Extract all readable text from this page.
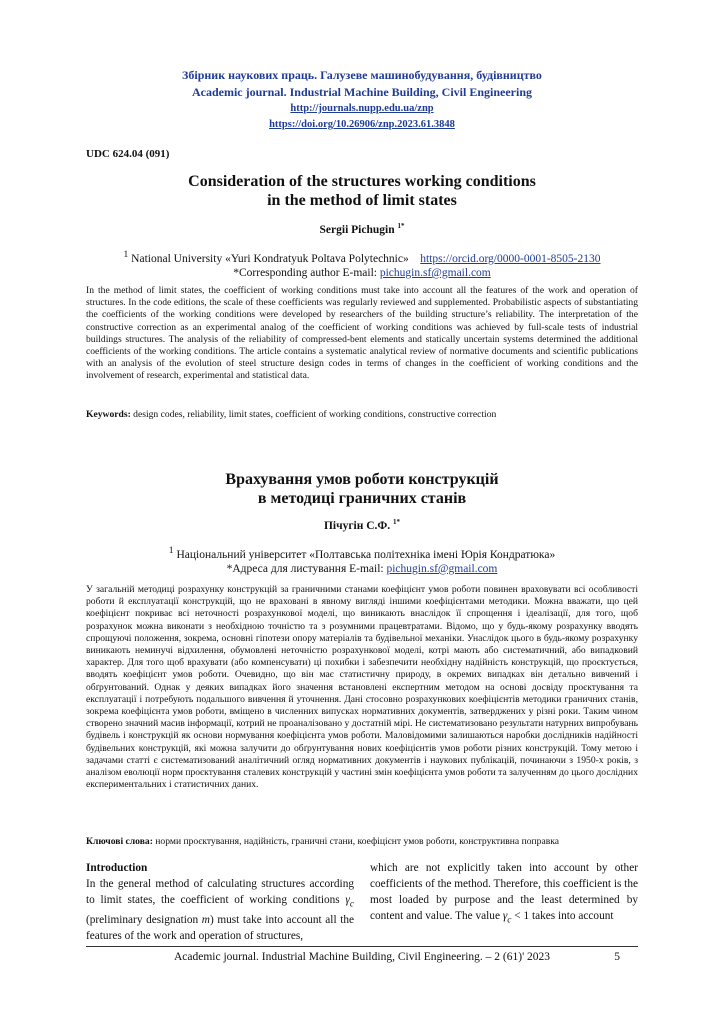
Збірник наукових праць. Галузеве машинобудування, будівництво
Academic journal. Industrial Machine Building, Civil Engineering
http://journals.nupp.edu.ua/znp
https://doi.org/10.26906/znp.2023.61.3848
UDC 624.04 (091)
Consideration of the structures working conditions
in the method of limit states
Sergii Pichugin $^{1*}$
$^1$ National University «Yuri Kondratyuk Poltava Polytechnic» https://orcid.org/0000-0001-8505-2130
*Corresponding author E-mail: pichugin.sf@gmail.com
In the method of limit states, the coefficient of working conditions must take into account all the features of the work and operation of structures. In the code editions, the scale of these coefficients was regularly reviewed and supplemented. Probabilistic aspects of substantiating the coefficients of the working conditions were developed by researchers of the building structure’s reliability. The interpretation of the constructive correction as an experimental analog of the coefficient of working conditions was achieved by full-scale tests of industrial buildings structures. The analysis of the reliability of compressed-bent elements and statically uncertain systems determined the additional coefficients of the working conditions. The article contains a systematic analytical review of normative documents and scientific publications with an analysis of the evolution of steel structure design codes in terms of changes in the coefficient of working conditions and the involvement of research, experimental and statistical data.
Keywords: design codes, reliability, limit states, coefficient of working conditions, constructive correction
Врахування умов роботи конструкцій
в методиці граничних станів
Пічугін С.Ф. $^{1*}$
$^1$ Національний університет «Полтавська політехніка імені Юрія Кондратюка»
*Адреса для листування E-mail: pichugin.sf@gmail.com
У загальній методиці розрахунку конструкцій за граничними станами коефіцієнт умов роботи повинен враховувати всі особливості роботи й експлуатації конструкцій, що не враховані в явному вигляді іншими коефіцієнтами методики. Можна вважати, що цей коефіцієнт покриває всі неточності розрахункової моделі, що виникають внаслідок її спрощення і ідеалізації, для того, щоб розрахунок можна виконати з необхідною точністю та з розумними працевтратами. Відомо, що у будь-якому розрахунку вводять спрощуючі положення, зокрема, основні гіпотези опору матеріалів та будівельної механіки. Унаслідок цього в будь-якому розрахунку виникають неминучі відхилення, обумовлені неточністю розрахункової моделі, котрі мають або систематичний, або випадковий характер. Для того щоб врахувати (або компенсувати) ці похибки і забезпечити необхідну надійність конструкцій, що проєктується, вводять коефіцієнт умов роботи. Очевидно, що він має статистичну природу, в окремих випадках він детально вивчений і обґрунтований. Однак у деяких випадках його значення встановлені експертним методом на основі досвіду проєктування та експлуатації і потребують подальшого вивчення й уточнення. Дані стосовно розрахункових коефіцієнтів методики граничних станів, зокрема коефіцієнта умов роботи, вміщено в численних випусках нормативних документів, затверджених у різні роки. Таким чином створено значний масив інформації, котрий не проаналізовано у достатній мірі. Не систематизовано результати натурних випробувань будівель і конструкцій як основи нормування коефіцієнта умов роботи. Маловідомими залишаються наробки дослідників надійності будівельних конструкцій, які можна залучити до обґрунтування нових коефіцієнтів умов роботи різних конструкцій. Тому метою і задачами статті є систематизований аналітичний огляд нормативних документів і наукових публікацій, починаючи з 1950-х років, з аналізом еволюції норм проєктування сталевих конструкцій у частині змін коефіцієнта умов роботи та залученням до цього дослідних експериментальних і статистичних даних.
Ключові слова: норми проєктування, надійність, граничні стани, коефіцієнт умов роботи, конструктивна поправка
Introduction
In the general method of calculating structures according to limit states, the coefficient of working conditions $\gamma_c$ (preliminary designation m) must take into account all the features of the work and operation of structures,
which are not explicitly taken into account by other coefficients of the method. Therefore, this coefficient is the most loaded by purpose and the least determined by content and value. The value $\gamma_c < 1$ takes into account
Academic journal. Industrial Machine Building, Civil Engineering. – 2 (61)' 2023	5
